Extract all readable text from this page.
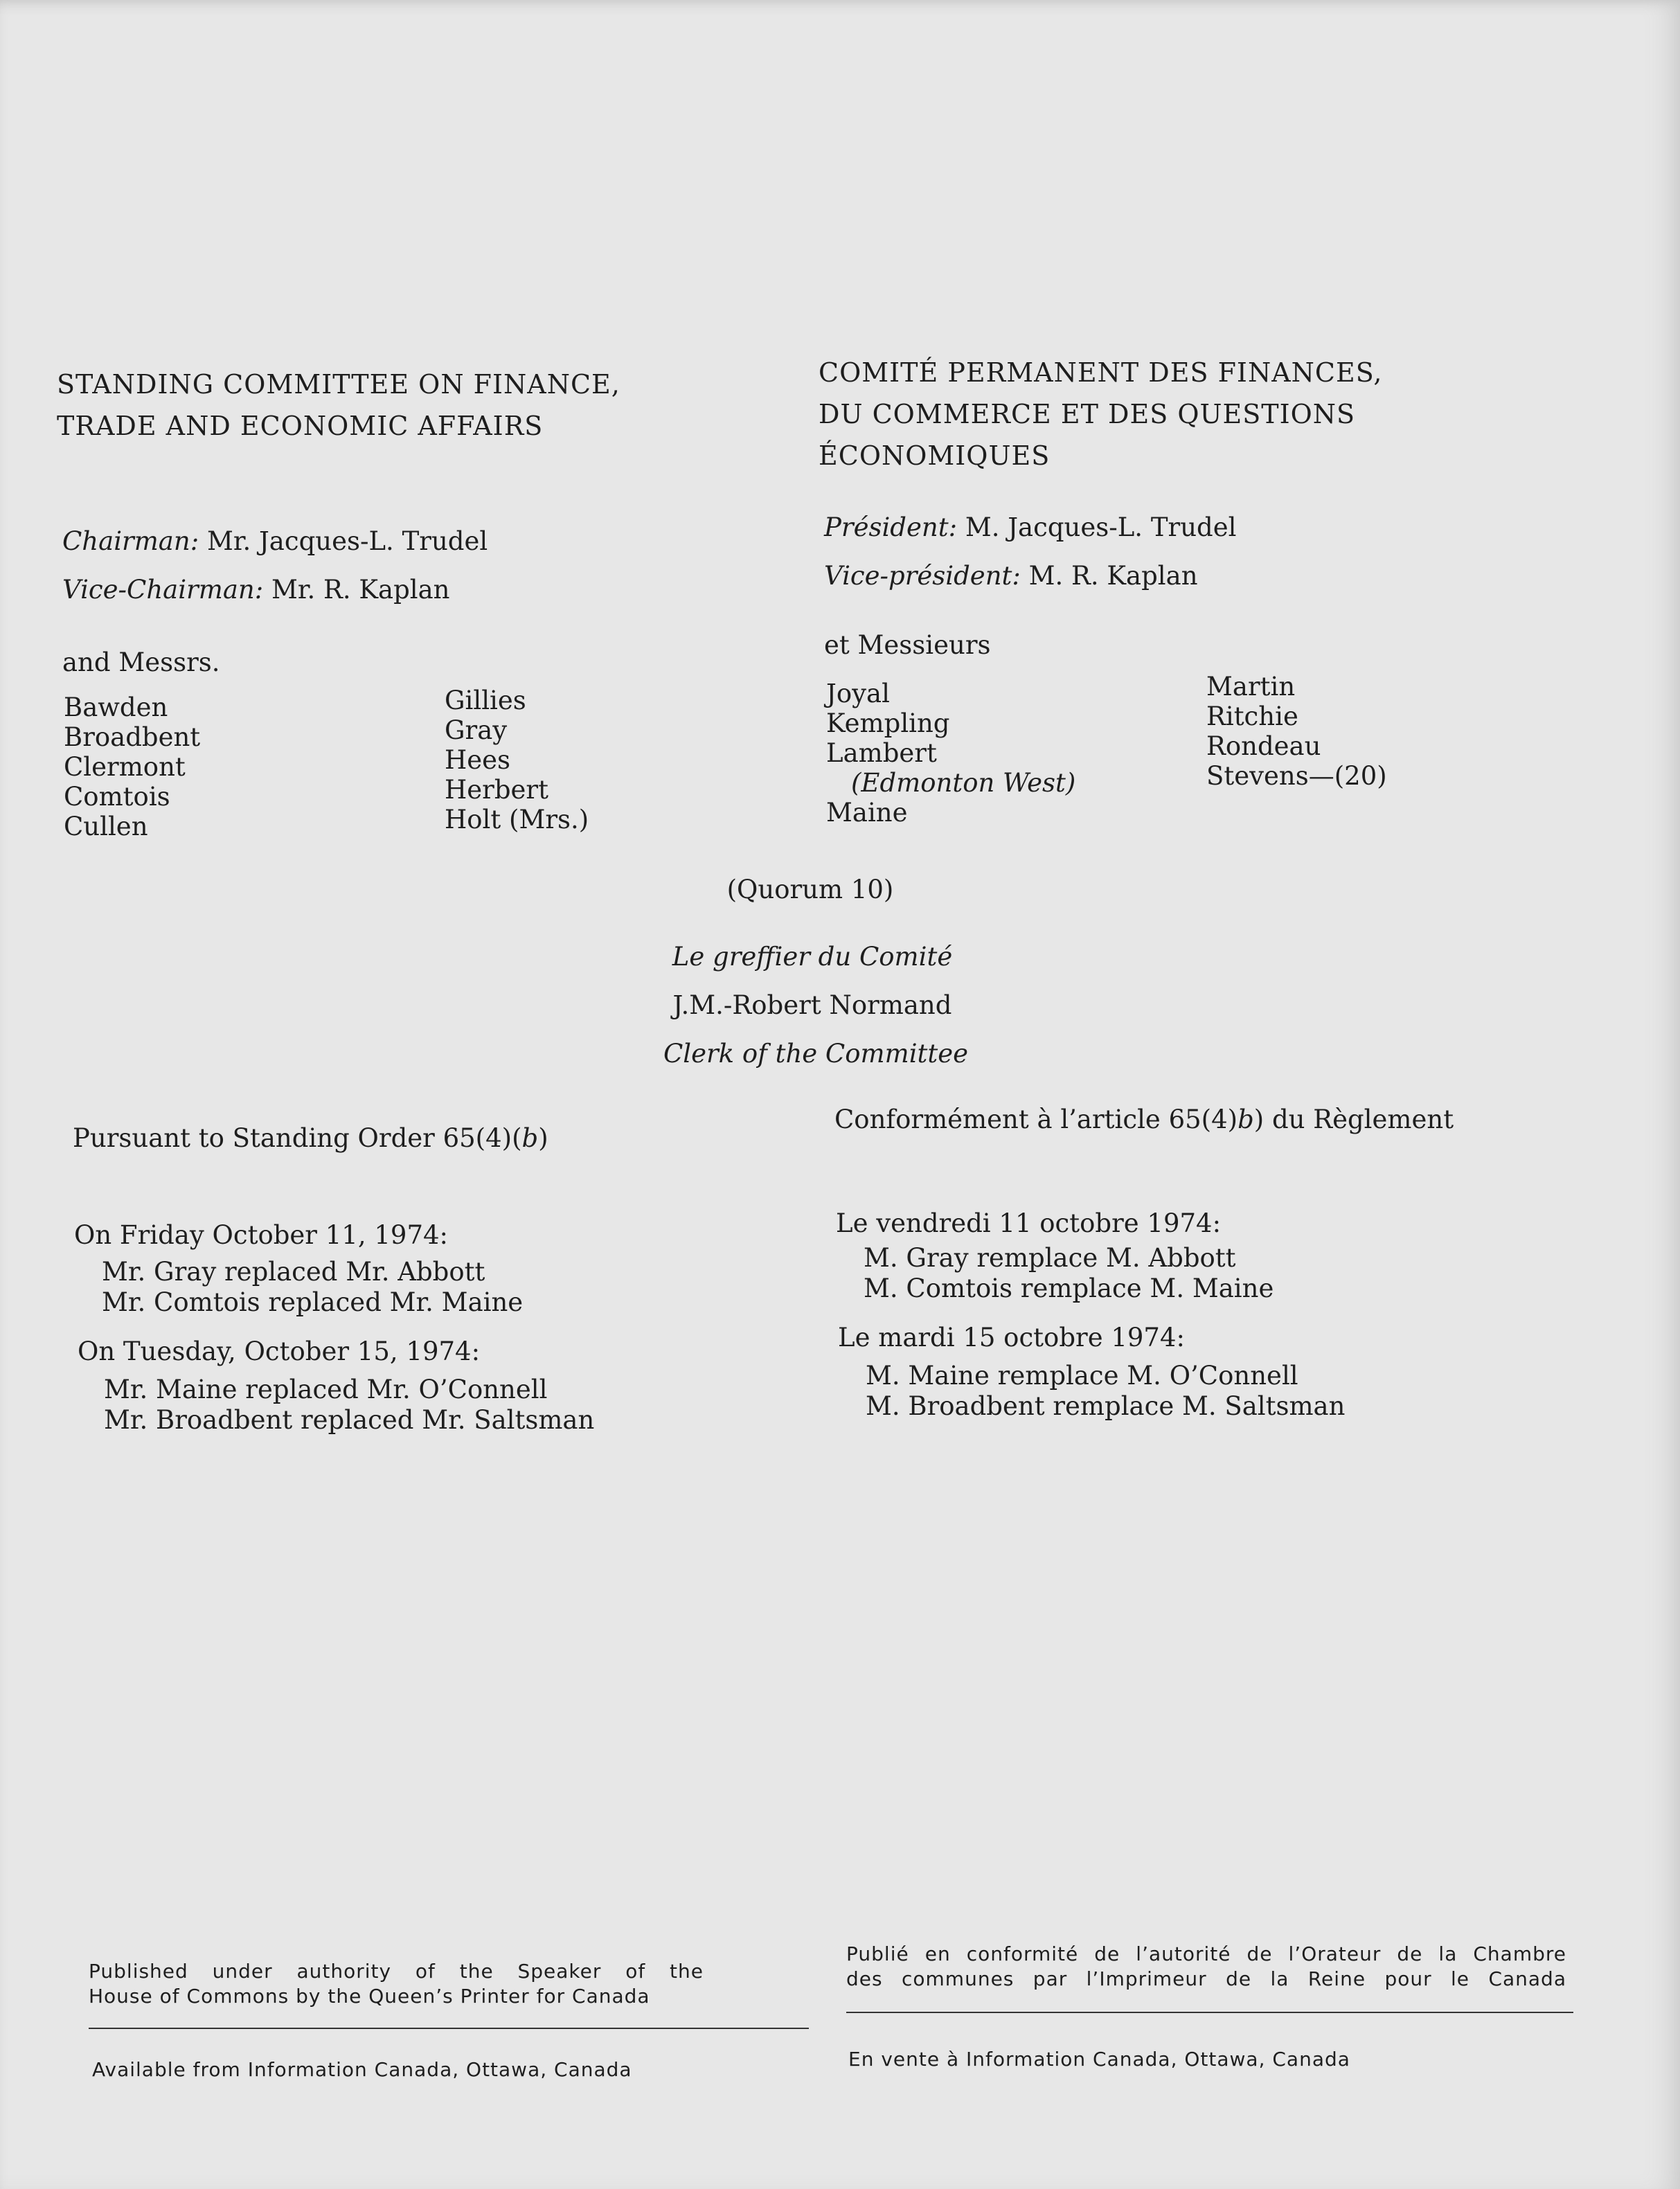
STANDING COMMITTEE ON FINANCE,
TRADE AND ECONOMIC AFFAIRS
Chairman: Mr. Jacques-L. Trudel
Vice-Chairman: Mr. R. Kaplan
and Messrs.
Bawden
Broadbent
Clermont
Comtois
Cullen
Gillies
Gray
Hees
Herbert
Holt (Mrs.)
COMITÉ PERMANENT DES FINANCES,
DU COMMERCE ET DES QUESTIONS
ÉCONOMIQUES
Président: M. Jacques-L. Trudel
Vice-président: M. R. Kaplan
et Messieurs
Joyal
Kempling
Lambert
(Edmonton West)
Maine
Martin
Ritchie
Rondeau
Stevens—(20)
(Quorum 10)
Le greffier du Comité
J.M.-Robert Normand
Clerk of the Committee
Pursuant to Standing Order 65(4)(b)
Conformément à l’article 65(4)b) du Règlement
On Friday October 11, 1974:
Mr. Gray replaced Mr. Abbott
Mr. Comtois replaced Mr. Maine
On Tuesday, October 15, 1974:
Mr. Maine replaced Mr. O’Connell
Mr. Broadbent replaced Mr. Saltsman
Le vendredi 11 octobre 1974:
M. Gray remplace M. Abbott
M. Comtois remplace M. Maine
Le mardi 15 octobre 1974:
M. Maine remplace M. O’Connell
M. Broadbent remplace M. Saltsman
Published under authority of the Speaker of the
House of Commons by the Queen’s Printer for Canada
Available from Information Canada, Ottawa, Canada
Publié en conformité de l’autorité de l’Orateur de la Chambre
des communes par l’Imprimeur de la Reine pour le Canada
En vente à Information Canada, Ottawa, Canada
